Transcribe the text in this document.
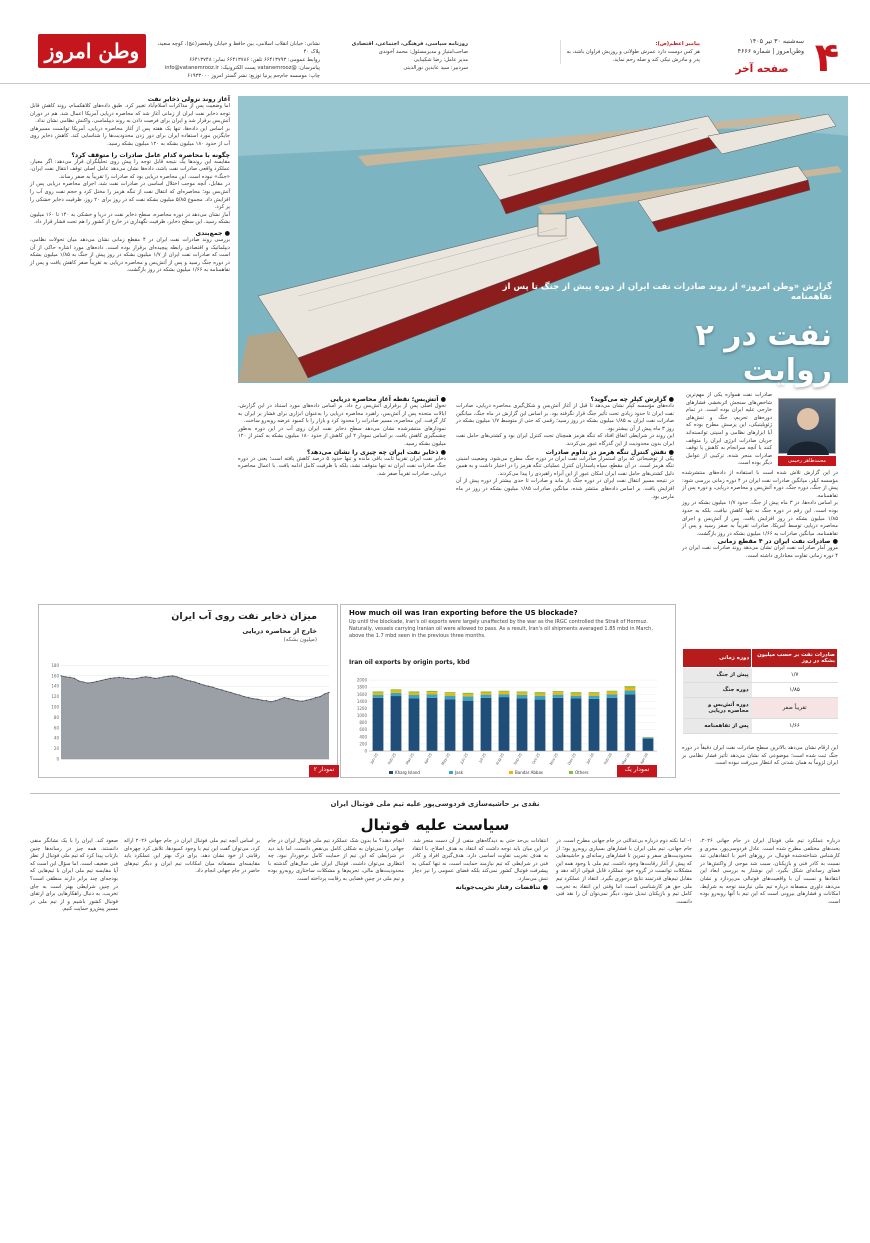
وطن امروز	نشانی: خیابان انقلاب اسلامی، بین حافظ و خیابان ولیعصر(عج)، کوچه سعید، پلاک ۴۰
روابط عمومی: ۶۶۴۱۳۷۹۳ تلفن: ۶۶۴۱۳۷۸۶ نمابر: ۶۶۴۱۳۷۴۸
پیامرسان: @vatanemrooz پست الکترونیک: info@vatanemrooz.ir
چاپ: موسسه جام‌جم پرنیا توزیع: نشر گستر امروز ۶۱۹۳۳۰۰۰
روزنامه سیاسی، فرهنگی، اجتماعی، اقتصادی
صاحب‌امتیاز و مدیرمسئول: محمد آخوندی
مدیر عامل: رضا شکیبایی
سردبیر: سید عابدین نورالدینی
پیامبر اعظم(ص):
هر کس دوست دارد عمرش طولانی و روزیش فراوان باشد، به پدر و مادرش نیکی کند و صله رحم نماید.
سه‌شنبه ۳۰ تیر ۱۴۰۵
وطن‌امروز | شماره ۴۶۶۶
صفحه آخر ۴
آغاز روند نزولی ذخایر نفت

اما وضعیت پس از مذاکرات اسلام‌آباد تغییر کرد. طبق داده‌های کلاهکسام، روند کاهش قابل توجه ذخایر نفت ایران از زمانی آغاز شد که محاصره دریایی آمریکا اعمال شد. هم در دوران آتش‌بس برقرار شد و ایران برای فرصت دادن به روند دیپلماسی، واکنش نظامی نشان نداد.

بر اساس این داده‌ها، تنها یک هفته پس از آغاز محاصره دریایی، آمریکا توانست مسیرهای جایگزین مورد استفاده ایران برای دور زدن محدودیت‌ها را شناسایی کند. کاهش ذخایر روی آب از حدود ۱۸۰ میلیون بشکه به ۱۲۰ میلیون بشکه رسید.

چگونه با محاصره کدام عامل صادرات را متوقف کرد؟

مقایسه این روندها یک نتیجه قابل توجه را پیش روی تحلیلگران قرار می‌دهد: اگر معیار، عملکرد واقعی صادرات نفت باشد، داده‌ها نشان می‌دهد عامل اصلی توقف انتقال نفت ایران، «جنگ» نبوده است. این محاصره دریایی بود که صادرات را تقریباً به صفر رساند.

در مقابل، آنچه موجب اختلال اساسی در صادرات نفت شد، اجرای محاصره دریایی پس از آتش‌بس بود؛ محاصره‌ای که انتقال نفت از تنگه هرمز را مختل کرد و حجم نفت روی آب را افزایش داد. مجموع ۵/۸۵ میلیون بشکه نفت که در روز برای ۲۰ روز، ظرفیت ذخایر خشکی را پر کرد.

آمار نشان می‌دهد در دوره محاصره، سطح ذخایر نفت در دریا و خشکی به ۱۴۰ تا ۱۶۰ میلیون بشکه رسید. این سطح ذخایر، ظرفیت نگهداری در خارج از کشور را هم تحت فشار قرار داد.

● جمع‌بندی

بررسی روند صادرات نفت ایران در ۴ مقطع زمانی نشان می‌دهد میان تحولات نظامی، دیپلماتیک و اقتصادی رابطه پیچیده‌ای برقرار بوده است. داده‌های مورد اشاره حاکی از آن است که صادرات نفت ایران از ۱/۷ میلیون بشکه در روز پیش از جنگ به ۱/۸۵ میلیون بشکه در دوره جنگ رسید و پس از آتش‌بس و محاصره دریایی به تقریباً صفر کاهش یافت و پس از تفاهمنامه به ۱/۶۶ میلیون بشکه در روز بازگشت.

گزارش «وطن امروز» از روند صادرات نفت ایران از دوره پیش از جنگ تا پس از تفاهمنامه
نفت در ۲ روایت
محمدطاهر رحیمی

صادرات نفت همواره یکی از مهم‌ترین شاخص‌های سنجش اثربخشی فشارهای خارجی علیه ایران بوده است. در تمام دوره‌های تحریم، جنگ و تنش‌های ژئوپلیتیکی، این پرسش مطرح بوده که آیا ابزارهای نظامی و امنیتی توانسته‌اند جریان صادرات انرژی ایران را متوقف کنند یا آنچه سرانجام به کاهش یا توقف صادرات منجر شده، ترکیبی از عوامل دیگر بوده است.

در این گزارش تلاش شده است با استفاده از داده‌های منتشرشده مؤسسه کپلر، میانگین صادرات نفت ایران در ۴ دوره زمانی بررسی شود: پیش از جنگ، دوره جنگ، دوره آتش‌بس و محاصره دریایی، و دوره پس از تفاهمنامه.

بر اساس داده‌ها، در ۳ ماه پیش از جنگ، حدود ۱/۷ میلیون بشکه در روز بوده است. این رقم در دوره جنگ نه تنها کاهش نیافت، بلکه به حدود ۱/۸۵ میلیون بشکه در روز افزایش یافت. پس از آتش‌بس و اجرای محاصره دریایی توسط آمریکا، صادرات تقریباً به صفر رسید و پس از تفاهمنامه، میانگین صادرات به ۱/۶۶ میلیون بشکه در روز بازگشت.

● صادرات نفت ایران در ۴ مقطع زمانی

مرور آمار صادرات نفت ایران نشان می‌دهد روند صادرات نفت ایران در ۴ دوره زمانی تفاوت معناداری داشته است.

صادرات نفت بر حسب میلیون بشکه در روز	دوره زمانی
۱/۷	پیش از جنگ
۱/۸۵	دوره جنگ
تقریباً صفر	دوره آتش‌بس و محاصره دریایی
۱/۶۶	پس از تفاهمنامه

این ارقام نشان می‌دهد بالاترین سطح صادرات نفت ایران دقیقاً در دوره جنگ ثبت شده است؛ موضوعی که نشان می‌دهد تأثیر فشار نظامی بر ایران لزوماً به همان شدتی که انتظار می‌رفت نبوده است.

● آتش‌بس؛ نقطه آغاز محاصره دریایی

تحول اصلی پس از برقراری آتش‌بس رخ داد. بر اساس داده‌های مورد استناد در این گزارش، ایالات متحده پس از آتش‌بس، راهبرد محاصره دریایی را به‌عنوان ابزاری برای فشار بر ایران به کار گرفت. این محاصره، مسیر صادرات را محدود کرد و بازار را با کمبود عرضه روبه‌رو ساخت.

نمودارهای منتشرشده نشان می‌دهد سطح ذخایر نفت ایران روی آب در این دوره به‌طور چشمگیری کاهش یافت. بر اساس نمودار ۲ این کاهش از حدود ۱۸۰ میلیون بشکه به کمتر از ۱۲۰ میلیون بشکه رسید.

● ذخایر نفت ایران چه چیزی را نشان می‌دهد؟

ذخایر نفت ایران تقریباً ثابت باقی مانده و تنها حدود ۵ درصد کاهش یافته است؛ یعنی در دوره جنگ صادرات نفت ایران نه تنها متوقف نشد، بلکه با ظرفیت کامل ادامه یافت. با اعمال محاصره دریایی، صادرات تقریباً صفر شد.

● گزارش کپلر چه می‌گوید؟

داده‌های مؤسسه کپلر نشان می‌دهد تا قبل از آغاز آتش‌بس و شکل‌گیری محاصره دریایی، صادرات نفت ایران تا حدود زیادی تحت تأثیر جنگ قرار نگرفته بود. بر اساس این گزارش در ماه جنگ، میانگین صادرات نفت ایران به ۱/۸۵ میلیون بشکه در روز رسید؛ رقمی که حتی از متوسط ۱/۷ میلیون بشکه در روز ۳ ماه پیش از آن بیشتر بود.

این روند در شرایطی اتفاق افتاد که تنگه هرمز همچنان تحت کنترل ایران بود و کشتی‌های حامل نفت ایران بدون محدودیت از این گذرگاه عبور می‌کردند.

● نقش کنترل تنگه هرمز در تداوم صادرات

یکی از توضیحاتی که برای استمرار صادرات نفت ایران در دوره جنگ مطرح می‌شود، وضعیت امنیتی تنگه هرمز است. در آن مقطع، سپاه پاسداران کنترل عملیاتی تنگه هرمز را در اختیار داشت و به همین دلیل کشتی‌های حامل نفت ایران امکان عبور از این آبراه راهبردی را پیدا می‌کردند.

در نتیجه مسیر انتقال نفت ایران در دوره جنگ باز ماند و صادرات تا حدی بیشتر از دوره پیش از آن افزایش یافت. بر اساس داده‌های منتشر شده، میانگین صادرات ۱/۸۵ میلیون بشکه در روز در ماه مارس بود.

میزان ذخایر نفت روی آب ایران
خارج از محاصره دریایی
(میلیون بشکه)
0
20
40
60
80
100
120
140
160
180
نمودار ۲
How much oil was Iran exporting before the US blockade?
Up until the blockade, Iran's oil exports were largely unaffected by the war as the IRGC controlled the Strait of Hormuz. Naturally, vessels carrying Iranian oil were allowed to pass. As a result, Iran's oil shipments averaged 1.85 mbd in March, above the 1.7 mbd seen in the previous three months.
Iran oil exports by origin ports, kbd
0
200
400
600
800
1000
1200
1400
1600
1800
2000
Jan-25 Feb-25 Mar-25 Apr-25 May-25 Jun-25	Jul-25 Aug-25 Sep-25 Oct-25 Nov-25 Dec-25 Jan-26 Feb-26 Mar-26 Apr-26
Kharg Island	Jask	Bandar Abbas	Others	نمودار یک
نقدی بر حاشیه‌سازی فردوسی‌پور علیه تیم ملی فوتبال ایران
سیاست علیه فوتبال

درباره عملکرد تیم ملی فوتبال ایران در جام جهانی ۲۰۲۶، بحث‌های مختلفی مطرح شده است. عادل فردوسی‌پور، مجری و کارشناس شناخته‌شده فوتبال، در روزهای اخیر با انتقادهایی تند نسبت به کادر فنی و بازیکنان، سبب شد موجی از واکنش‌ها در فضای رسانه‌ای شکل بگیرد. این نوشتار به بررسی ابعاد این انتقادها و نسبت آن با واقعیت‌های فوتبالی می‌پردازد و نشان می‌دهد داوری منصفانه درباره تیم ملی نیازمند توجه به شرایط، امکانات و فشارهای بیرونی است که این تیم با آنها روبه‌رو بوده است.

۱- اما نکته دوم درباره بی‌عدالتی در جام جهانی مطرح است. در جام جهانی، تیم ملی ایران با فشارهای بسیاری روبه‌رو بود؛ از محدودیت‌های سفر و تمرین تا فشارهای رسانه‌ای و حاشیه‌هایی که پیش از آغاز رقابت‌ها وجود داشت. تیم ملی با وجود همه این مشکلات توانست در گروه خود عملکرد قابل قبولی ارائه دهد و مقابل تیم‌های قدرتمند نتایج درخوری بگیرد. انتقاد از عملکرد تیم ملی حق هر کارشناسی است، اما وقتی این انتقاد به تخریب کامل تیم و بازیکنان تبدیل شود، دیگر نمی‌توان آن را نقد فنی دانست.

انتقادات بی‌حد حتی به دیدگاه‌های منفی از آن دست منجر شد. در این میان باید توجه داشت که انتقاد به هدف اصلاح، با انتقاد به هدف تخریب تفاوت اساسی دارد. هدف‌گیری افراد و کادر فنی در شرایطی که تیم نیازمند حمایت است، نه تنها کمکی به پیشرفت فوتبال کشور نمی‌کند بلکه فضای عمومی را نیز دچار تنش می‌سازد.

● تناقضات رفتار تخریب‌جویانه

انجام دهند؟ ما بدون شک عملکرد تیم ملی فوتبال ایران در جام جهانی را نمی‌توان به شکلی کامل بی‌نقص دانست. اما باید دید در شرایطی که این تیم از حمایت کامل برخوردار نبود، چه انتظاری می‌توان داشت. فوتبال ایران طی سال‌های گذشته با محدودیت‌های مالی، تحریم‌ها و مشکلات ساختاری روبه‌رو بوده و تیم ملی در چنین فضایی به رقابت پرداخته است.

بر اساس آنچه تیم ملی فوتبال ایران در جام جهانی ۲۰۲۶ ارائه کرد، می‌توان گفت این تیم با وجود کمبودها، تلاش کرد چهره‌ای رقابتی از خود نشان دهد. برای درک بهتر این عملکرد باید مقایسه‌ای منصفانه میان امکانات تیم ایران و دیگر تیم‌های حاضر در جام جهانی انجام داد.

صعود کند. ایران را با یک نشانگر منفی دانستند. همه چیز در رسانه‌ها چنین بازتاب پیدا کرد که تیم ملی فوتبال از نظر فنی ضعیف است. اما سؤال این است که آیا مقایسه تیم ملی ایران با تیم‌هایی که بودجه‌ای چند برابر دارند منطقی است؟ در چنین شرایطی بهتر است به جای تخریب، به دنبال راهکارهایی برای ارتقای فوتبال کشور باشیم و از تیم ملی در مسیر پیش‌رو حمایت کنیم.
